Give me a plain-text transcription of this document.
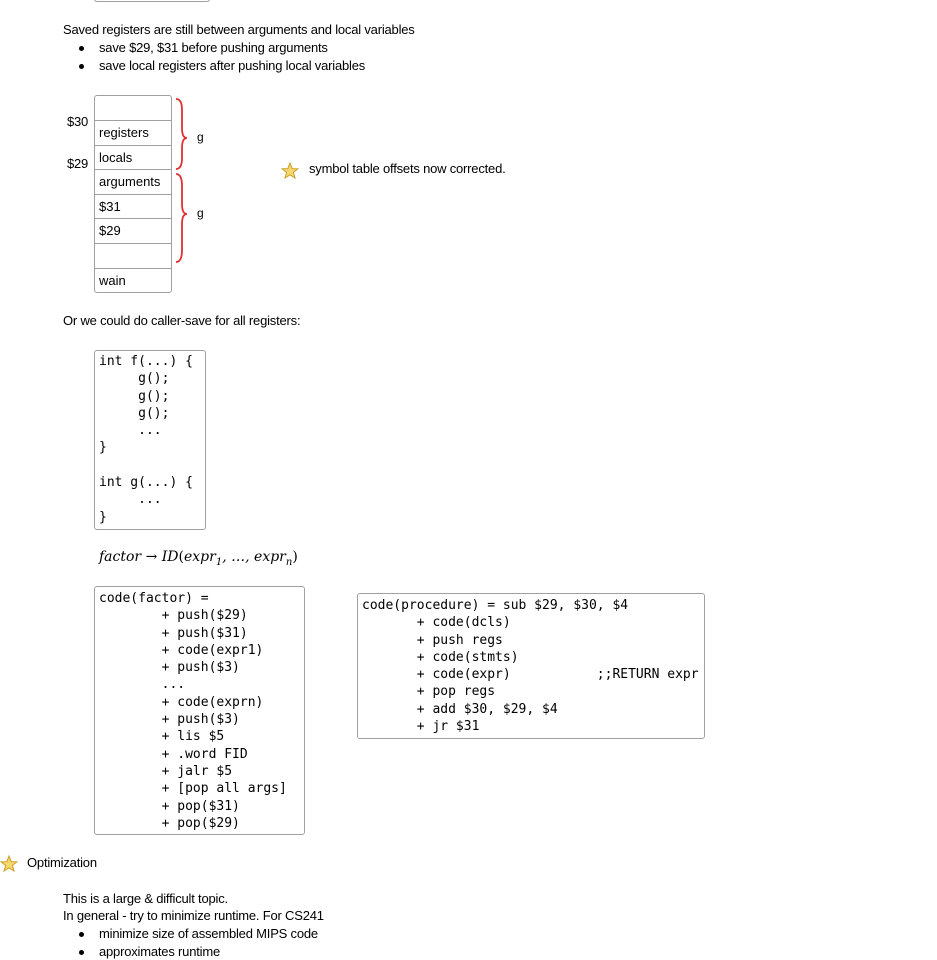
Saved registers are still between arguments and local variables
save $29, $31 before pushing arguments
save local registers after pushing local variables
$30
$29
registers
locals
arguments
$31
$29
wain
g
g
symbol table offsets now corrected.
Or we could do caller-save for all registers:
int f(...) {
g();
g();
g();
...
}

int g(...) {
...
}
factor → ID(expr$_1$, …, expr$_n$)
code(factor) =
+ push($29)
+ push($31)
+ code(expr1)
+ push($3)
...
+ code(exprn)
+ push($3)
+ lis $5
+ .word FID
+ jalr $5
+ [pop all args]
+ pop($31)
+ pop($29)
code(procedure) = sub $29, $30, $4
+ code(dcls)
+ push regs
+ code(stmts)
+ code(expr)           ;;RETURN expr
+ pop regs
+ add $30, $29, $4
+ jr $31
Optimization
This is a large & difficult topic.
In general - try to minimize runtime. For CS241
minimize size of assembled MIPS code
approximates runtime
